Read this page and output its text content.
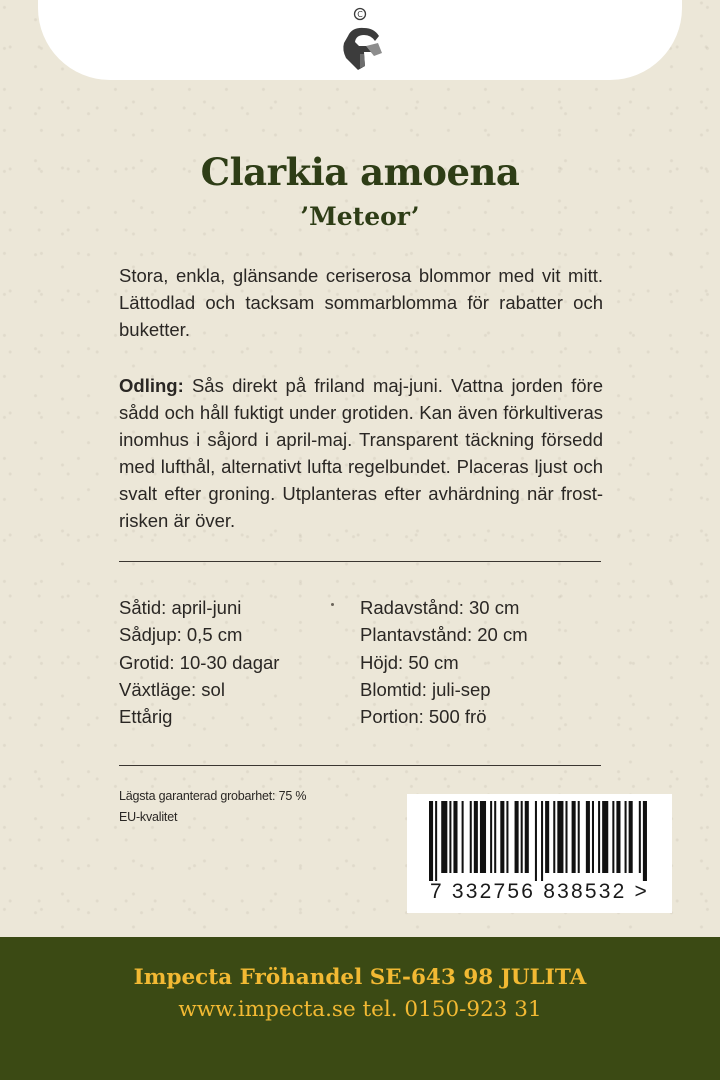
C
Clarkia amoena
’Meteor’

Stora, enkla, glänsande ceriserosa blommor med vit mitt. Lättodlad och tacksam sommarblomma för rabatter och buketter.

Odling: Sås direkt på friland maj-juni. Vattna jorden före sådd och håll fuktigt under grotiden. Kan även förkultiveras inomhus i såjord i april-maj. Transparent täckning försedd med lufthål, alternativt lufta regelbundet. Placeras ljust och svalt efter groning. Utplanteras efter avhärdning när frost-risken är över.

Såtid: april-juni
Sådjup: 0,5 cm
Grotid: 10-30 dagar
Växtläge: sol
Ettårig
Radavstånd: 30 cm
Plantavstånd: 20 cm
Höjd: 50 cm
Blomtid: juli-sep
Portion: 500 frö
Lägsta garanterad grobarhet: 75 %
EU-kvalitet
7 332756 838532 >
Impecta Fröhandel SE-643 98 JULITA
www.impecta.se tel. 0150-923 31
